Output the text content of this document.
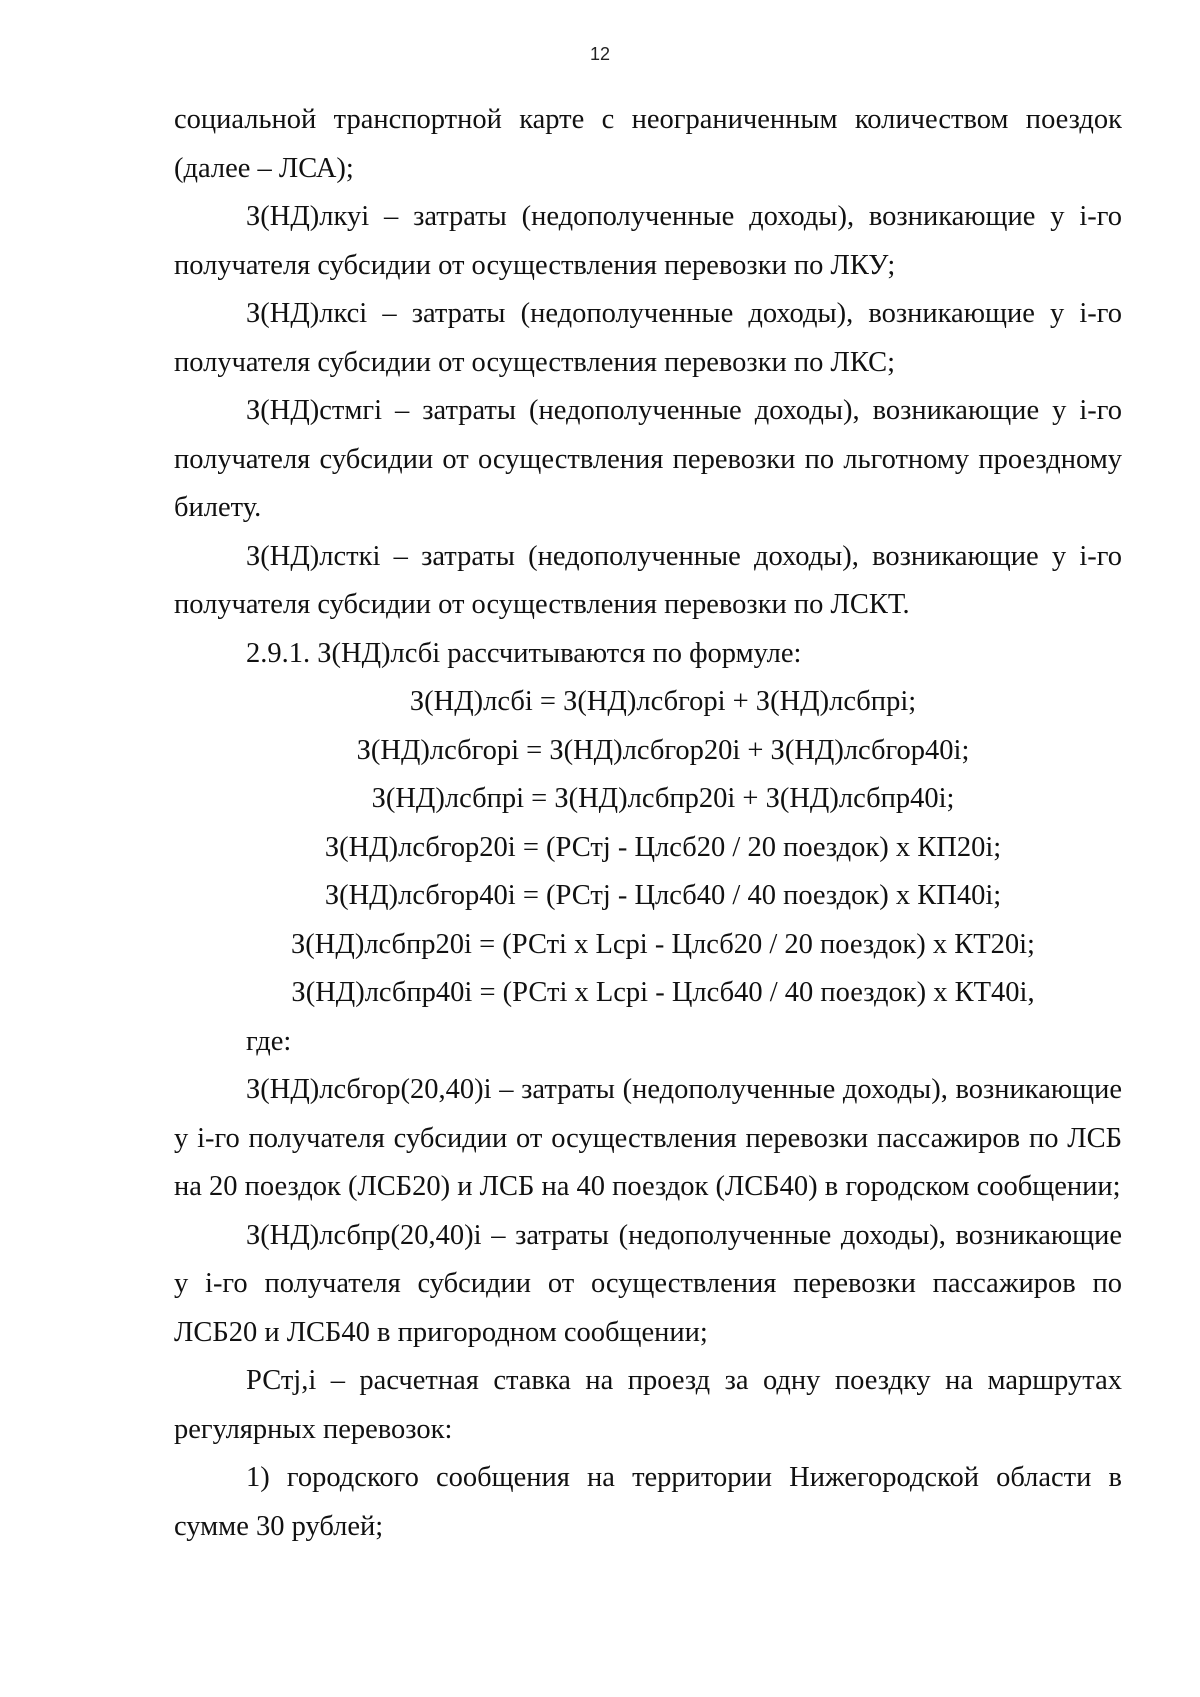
12

социальной транспортной карте с неограниченным количеством поездок (далее – ЛСА);

З(НД)лкуi – затраты (недополученные доходы), возникающие у i-го получателя субсидии от осуществления перевозки по ЛКУ;

З(НД)лксi – затраты (недополученные доходы), возникающие у i-го получателя субсидии от осуществления перевозки по ЛКС;

З(НД)стмгi – затраты (недополученные доходы), возникающие у i-го получателя субсидии от осуществления перевозки по льготному проездному билету.

З(НД)лсткi – затраты (недополученные доходы), возникающие у i-го получателя субсидии от осуществления перевозки по ЛСКТ.

2.9.1. З(НД)лсбi рассчитываются по формуле:

З(НД)лсбi = З(НД)лсбгорi + З(НД)лсбпрi;

З(НД)лсбгорi = З(НД)лсбгор20i + З(НД)лсбгор40i;

З(НД)лсбпрi = З(НД)лсбпр20i + З(НД)лсбпр40i;

З(НД)лсбгор20i = (РСтj - Цлсб20 / 20 поездок) х КП20i;

З(НД)лсбгор40i = (РСтj - Цлсб40 / 40 поездок) х КП40i;

З(НД)лсбпр20i = (РСтi х Lcpi - Цлсб20 / 20 поездок) х КТ20i;

З(НД)лсбпр40i = (РСтi х Lcpi - Цлсб40 / 40 поездок) х КТ40i,

где:

З(НД)лсбгор(20,40)i – затраты (недополученные доходы), возникающие у i-го получателя субсидии от осуществления перевозки пассажиров по ЛСБ на 20 поездок (ЛСБ20) и ЛСБ на 40 поездок (ЛСБ40) в городском сообщении;

З(НД)лсбпр(20,40)i – затраты (недополученные доходы), возникающие у i-го получателя субсидии от осуществления перевозки пассажиров по ЛСБ20 и ЛСБ40 в пригородном сообщении;

РСтj,i – расчетная ставка на проезд за одну поездку на маршрутах регулярных перевозок:

1) городского сообщения на территории Нижегородской области в сумме 30 рублей;
